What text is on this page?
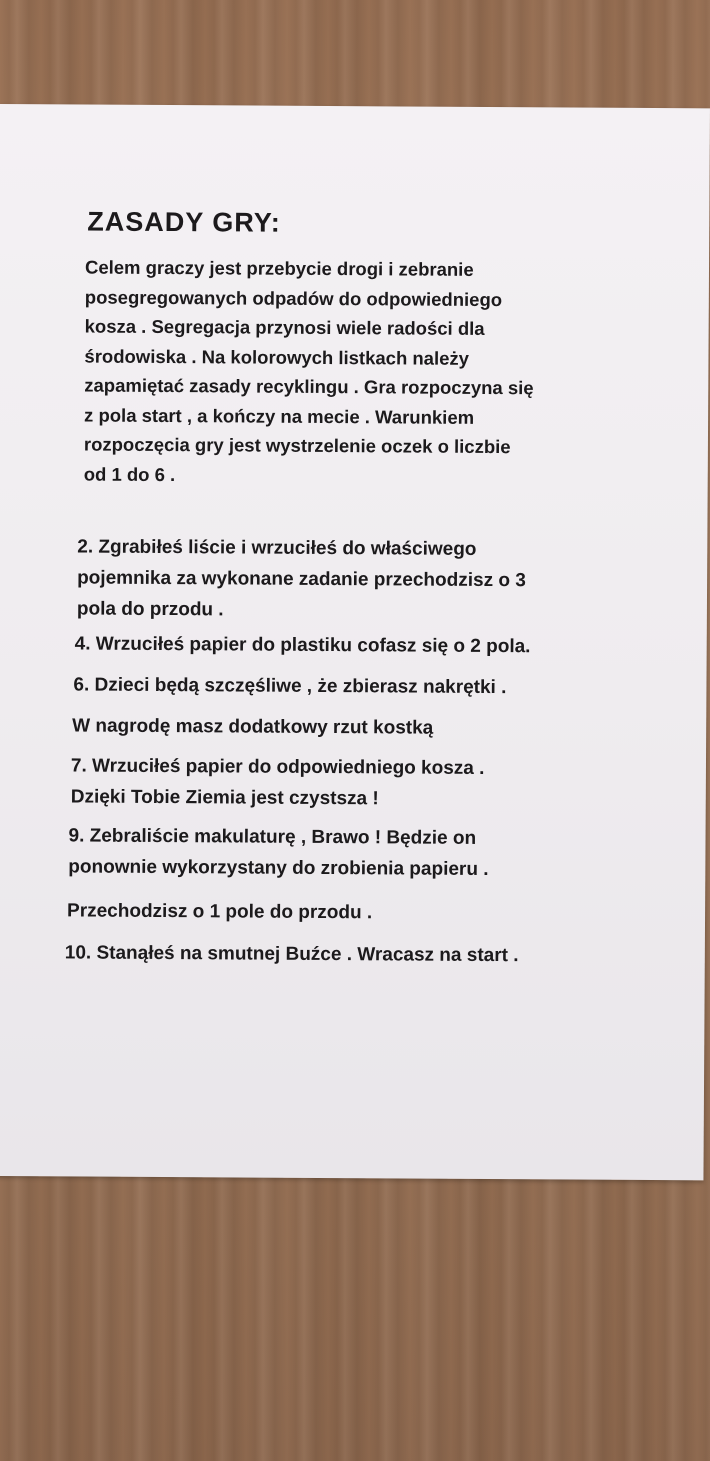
ZASADY GRY:

Celem graczy jest przebycie drogi i zebranie
posegregowanych odpadów do odpowiedniego
kosza . Segregacja przynosi wiele radości dla
środowiska . Na kolorowych listkach należy
zapamiętać zasady recyklingu . Gra rozpoczyna się
z pola start , a kończy na mecie . Warunkiem
rozpoczęcia gry jest wystrzelenie oczek o liczbie
od 1 do 6 .

2. Zgrabiłeś liście i wrzuciłeś do właściwego
pojemnika za wykonane zadanie przechodzisz o 3
pola do przodu .

4. Wrzuciłeś papier do plastiku cofasz się o 2 pola.

6. Dzieci będą szczęśliwe , że zbierasz nakrętki .

W nagrodę masz dodatkowy rzut kostką

7. Wrzuciłeś papier do odpowiedniego kosza .
Dzięki Tobie Ziemia jest czystsza !

9. Zebraliście makulaturę , Brawo ! Będzie on
ponownie wykorzystany do zrobienia papieru .

Przechodzisz o 1 pole do przodu .

10. Stanąłeś na smutnej Buźce . Wracasz na start .
